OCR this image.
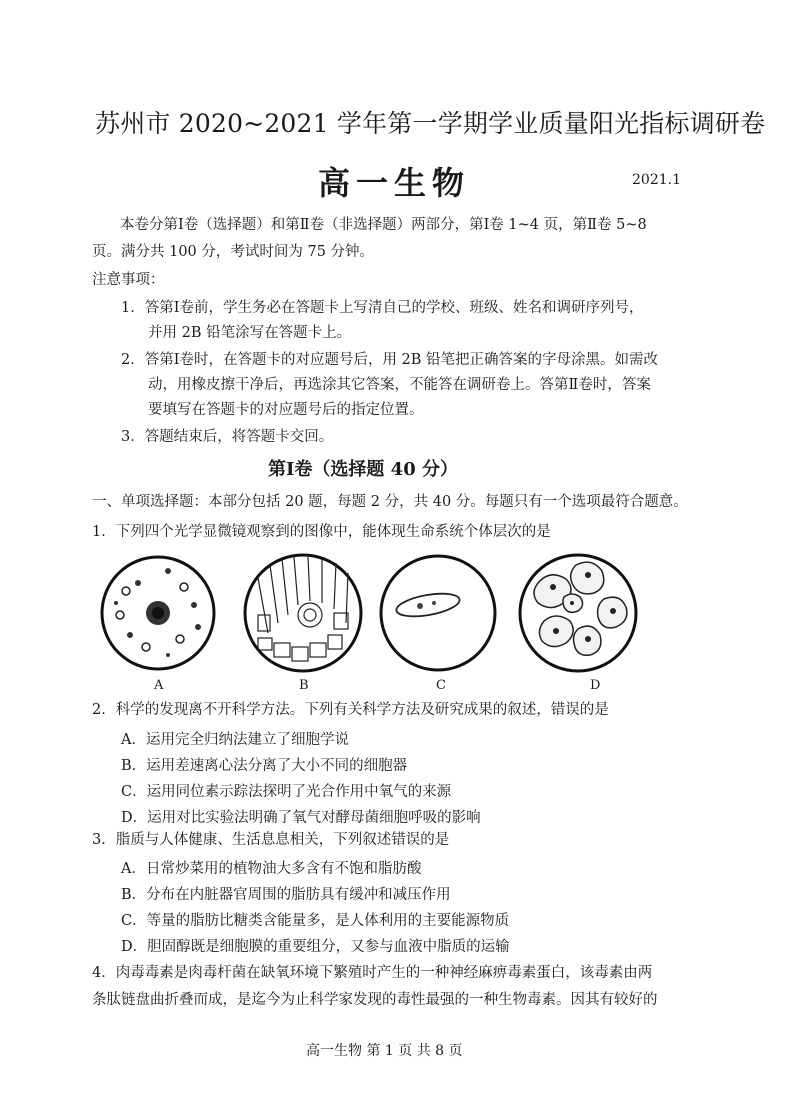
苏州市 2020~2021 学年第一学期学业质量阳光指标调研卷
高一生物	2021.1
本卷分第Ⅰ卷（选择题）和第Ⅱ卷（非选择题）两部分，第Ⅰ卷 1~4 页，第Ⅱ卷 5~8
页。满分共 100 分，考试时间为 75 分钟。
注意事项：
1．答第Ⅰ卷前，学生务必在答题卡上写清自己的学校、班级、姓名和调研序列号，
并用 2B 铅笔涂写在答题卡上。
2．答第Ⅰ卷时，在答题卡的对应题号后，用 2B 铅笔把正确答案的字母涂黑。如需改
动，用橡皮擦干净后，再选涂其它答案，不能答在调研卷上。答第Ⅱ卷时，答案
要填写在答题卡的对应题号后的指定位置。
3．答题结束后，将答题卡交回。
第Ⅰ卷（选择题 40 分）
一、单项选择题：本部分包括 20 题，每题 2 分，共 40 分。每题只有一个选项最符合题意。
1．下列四个光学显微镜观察到的图像中，能体现生命系统个体层次的是
A	B	C	D
2．科学的发现离不开科学方法。下列有关科学方法及研究成果的叙述，错误的是
A．运用完全归纳法建立了细胞学说
B．运用差速离心法分离了大小不同的细胞器
C．运用同位素示踪法探明了光合作用中氧气的来源
D．运用对比实验法明确了氧气对酵母菌细胞呼吸的影响
3．脂质与人体健康、生活息息相关，下列叙述错误的是
A．日常炒菜用的植物油大多含有不饱和脂肪酸
B．分布在内脏器官周围的脂肪具有缓冲和减压作用
C．等量的脂肪比糖类含能量多，是人体利用的主要能源物质
D．胆固醇既是细胞膜的重要组分，又参与血液中脂质的运输
4．肉毒毒素是肉毒杆菌在缺氧环境下繁殖时产生的一种神经麻痹毒素蛋白，该毒素由两
条肽链盘曲折叠而成，是迄今为止科学家发现的毒性最强的一种生物毒素。因其有较好的
高一生物 第 1 页 共 8 页
